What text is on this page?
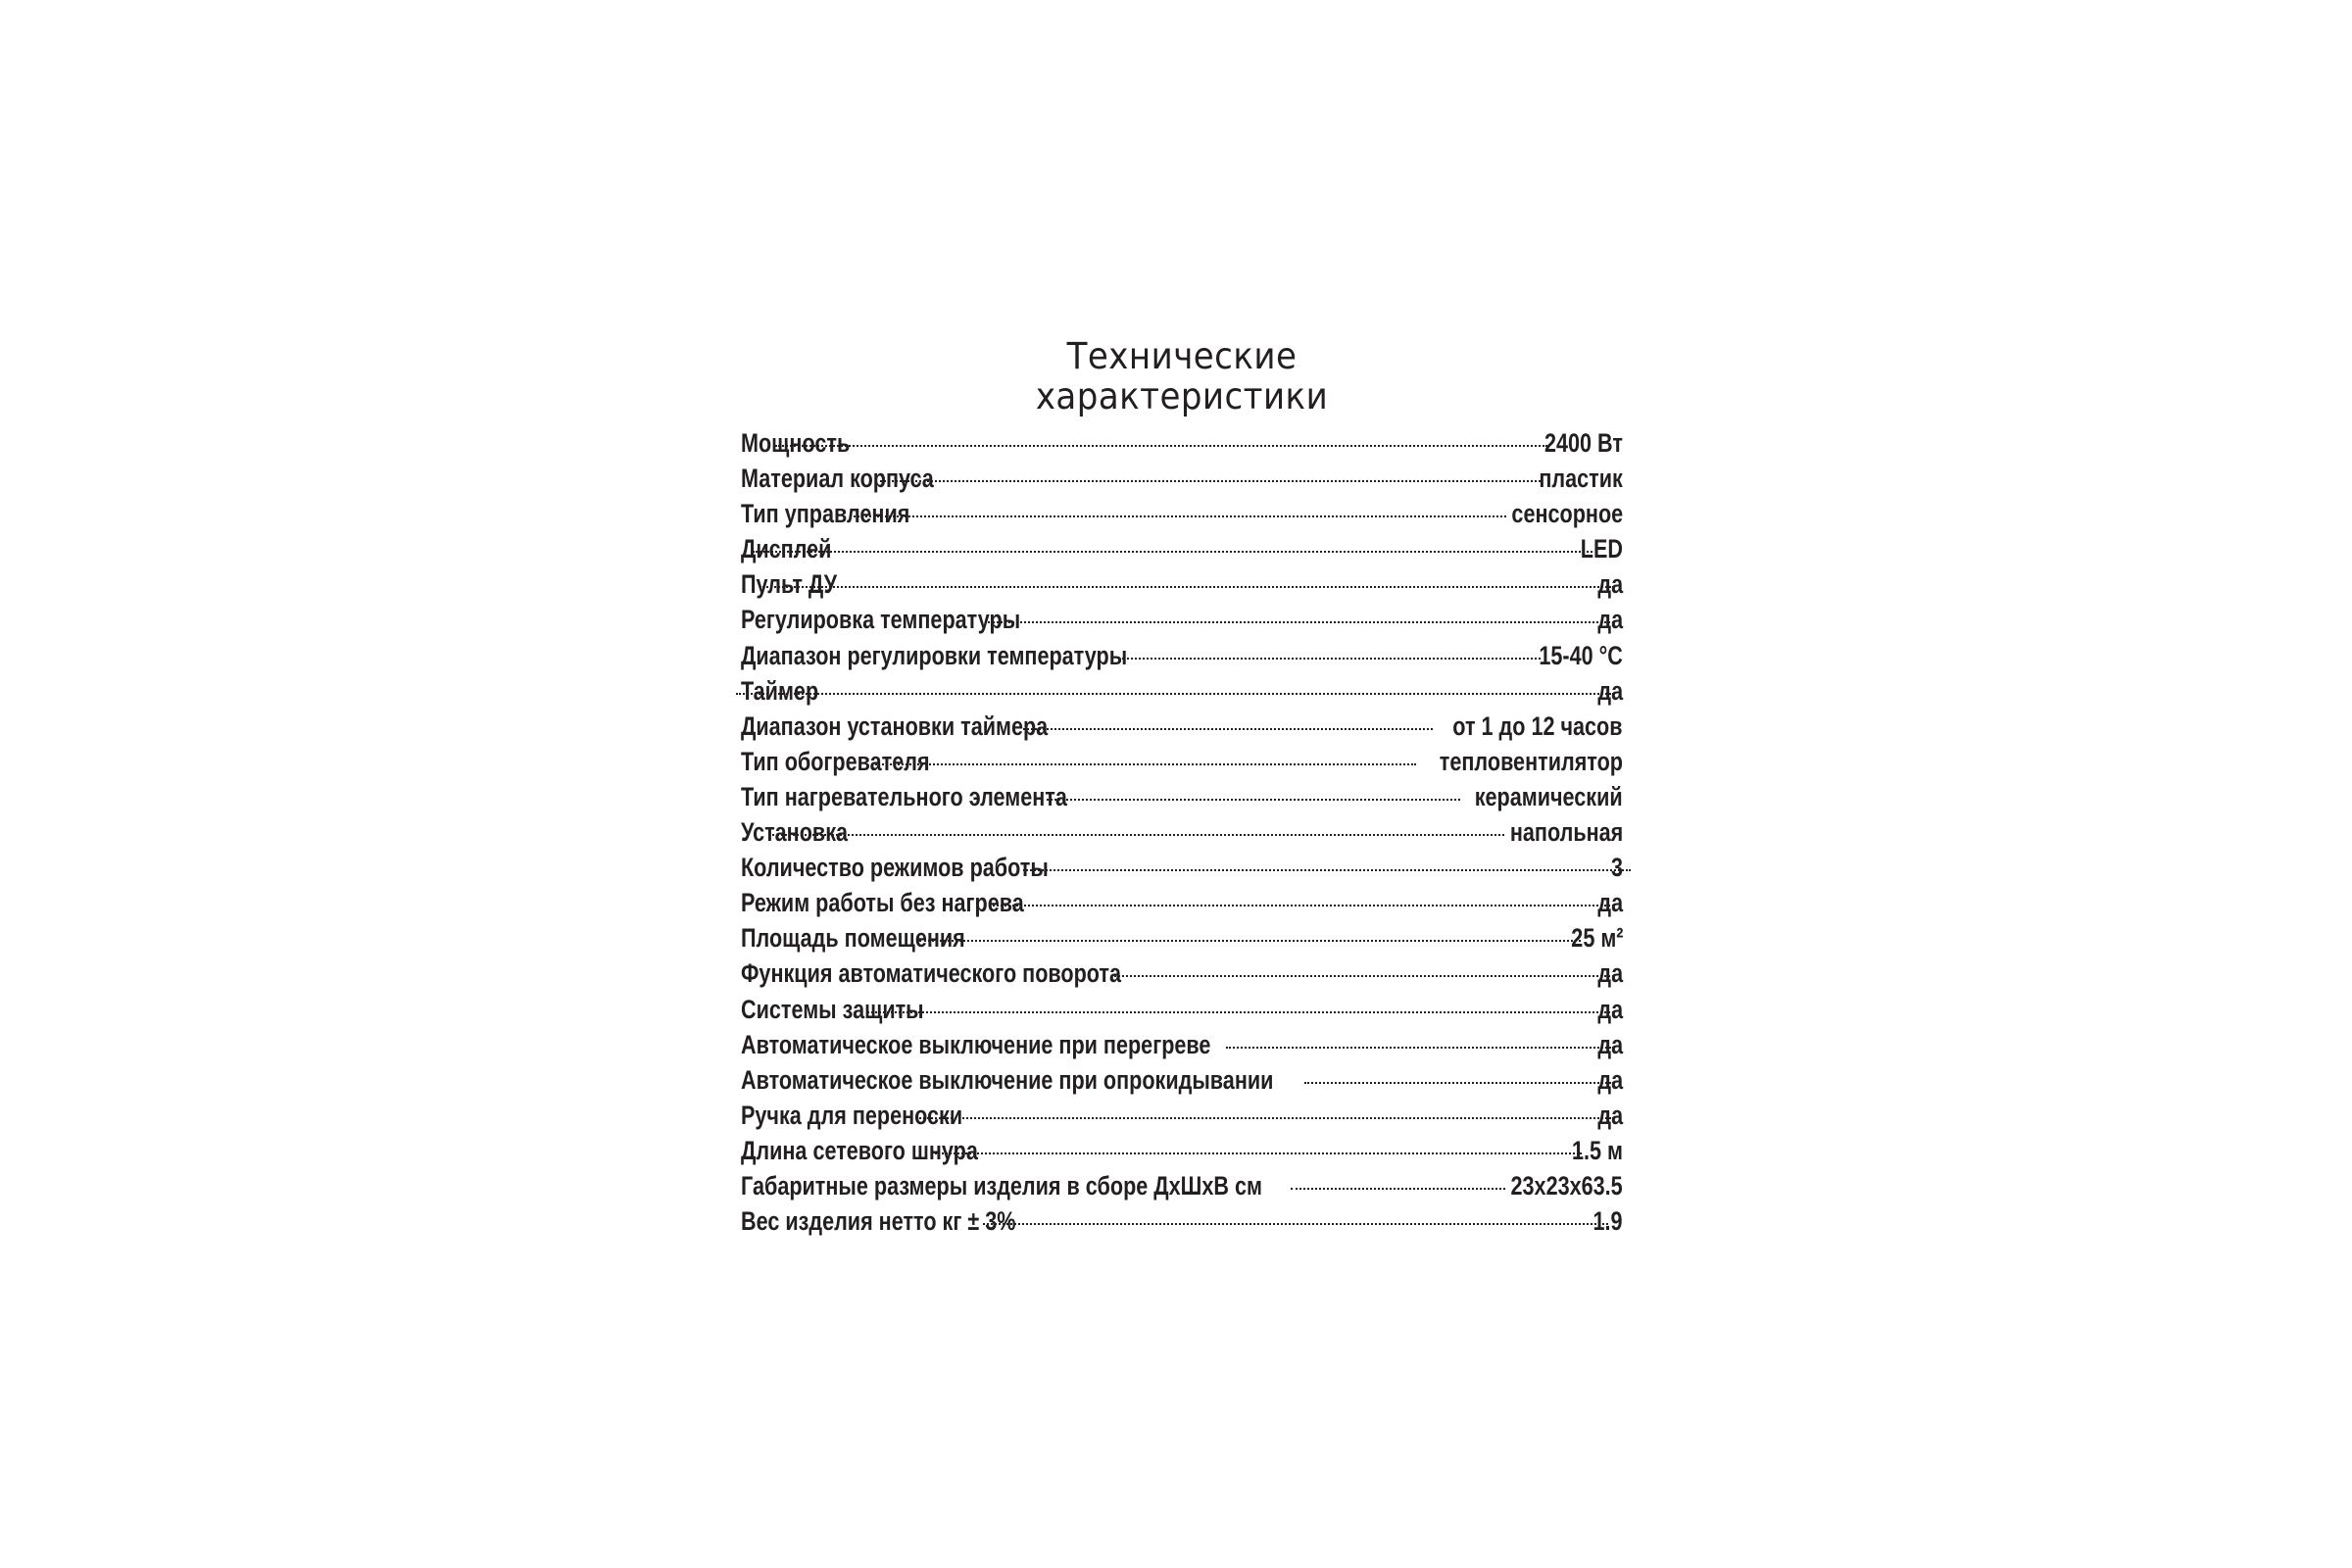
Технические
характеристики
Мощность	2400 Вт
Материал корпуса	пластик
Тип управления	сенсорное
Дисплей	LED
Пульт ДУ	да
Регулировка температуры	да
Диапазон регулировки температуры	15-40 °С
Таймер	да
Диапазон установки таймера	от 1 до 12 часов
Тип обогревателя	тепловентилятор
Тип нагревательного элемента	керамический
Установка	напольная
Количество режимов работы	3
Режим работы без нагрева	да
Площадь помещения	25 м²
Функция автоматического поворота	да
Системы защиты	да
Автоматическое выключение при перегреве	да
Автоматическое выключение при опрокидывании	да
Ручка для переноски	да
Длина сетевого шнура	1.5 м
Габаритные размеры изделия в сборе ДхШхВ см	23х23х63.5
Вес изделия нетто кг ± 3%	1.9
